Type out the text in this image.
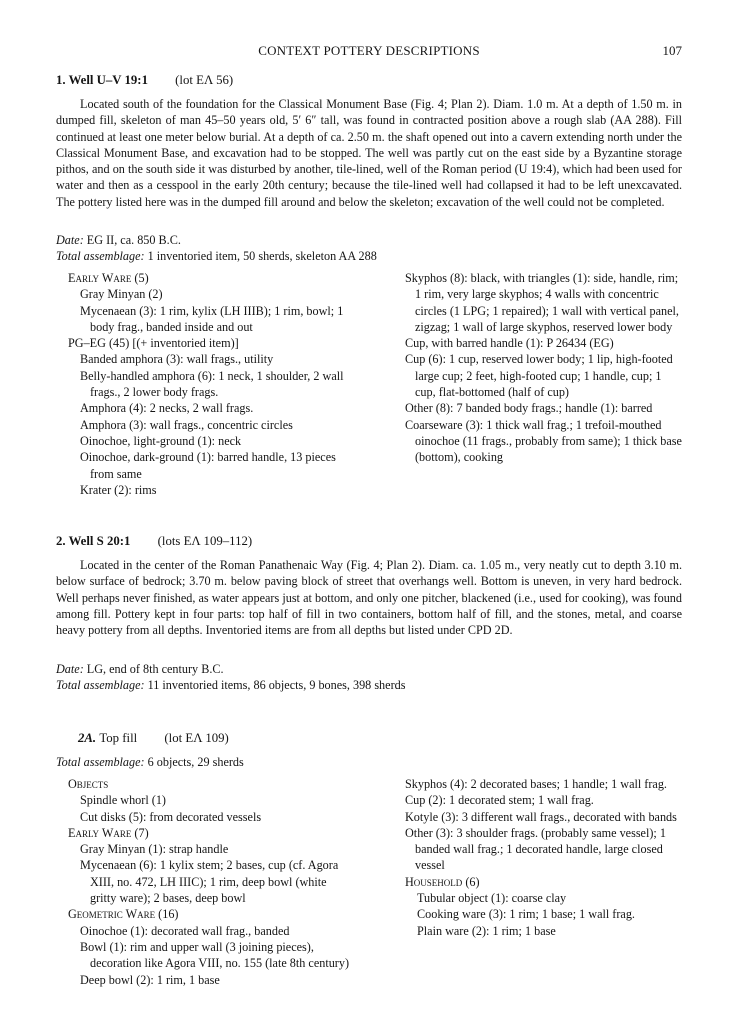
CONTEXT POTTERY DESCRIPTIONS	107
1. Well U–V 19:1 (lot EΛ 56)

Located south of the foundation for the Classical Monument Base (Fig. 4; Plan 2). Diam. 1.0 m. At a depth of 1.50 m. in dumped fill, skeleton of man 45–50 years old, 5′ 6″ tall, was found in contracted position above a rough slab (AA 288). Fill continued at least one meter below burial. At a depth of ca. 2.50 m. the shaft opened out into a cavern extending north under the Classical Monument Base, and excavation had to be stopped. The well was partly cut on the east side by a Byzantine storage pithos, and on the south side it was disturbed by another, tile-lined, well of the Roman period (U 19:4), which had been used for water and then as a cesspool in the early 20th century; because the tile-lined well had collapsed it had to be left unexcavated. The pottery listed here was in the dumped fill around and below the skeleton; excavation of the well could not be completed.

Date: EG II, ca. 850 B.C.

Total assemblage: 1 inventoried item, 50 sherds, skeleton AA 288

Early Ware (5)

Gray Minyan (2)

Mycenaean (3): 1 rim, kylix (LH IIIB); 1 rim, bowl; 1 body frag., banded inside and out

PG–EG (45) [(+ inventoried item)]

Banded amphora (3): wall frags., utility

Belly-handled amphora (6): 1 neck, 1 shoulder, 2 wall frags., 2 lower body frags.

Amphora (4): 2 necks, 2 wall frags.

Amphora (3): wall frags., concentric circles

Oinochoe, light-ground (1): neck

Oinochoe, dark-ground (1): barred handle, 13 pieces from same

Krater (2): rims

Skyphos (8): black, with triangles (1): side, handle, rim; 1 rim, very large skyphos; 4 walls with concentric circles (1 LPG; 1 repaired); 1 wall with vertical panel, zigzag; 1 wall of large skyphos, reserved lower body

Cup, with barred handle (1): P 26434 (EG)

Cup (6): 1 cup, reserved lower body; 1 lip, high-footed large cup; 2 feet, high-footed cup; 1 handle, cup; 1 cup, flat-bottomed (half of cup)

Other (8): 7 banded body frags.; handle (1): barred

Coarseware (3): 1 thick wall frag.; 1 trefoil-mouthed oinochoe (11 frags., probably from same); 1 thick base (bottom), cooking

2. Well S 20:1 (lots EΛ 109–112)

Located in the center of the Roman Panathenaic Way (Fig. 4; Plan 2). Diam. ca. 1.05 m., very neatly cut to depth 3.10 m. below surface of bedrock; 3.70 m. below paving block of street that overhangs well. Bottom is uneven, in very hard bedrock. Well perhaps never finished, as water appears just at bottom, and only one pitcher, blackened (i.e., used for cooking), was found among fill. Pottery kept in four parts: top half of fill in two containers, bottom half of fill, and the stones, metal, and coarse heavy pottery from all depths. Inventoried items are from all depths but listed under CPD 2D.

Date: LG, end of 8th century B.C.

Total assemblage: 11 inventoried items, 86 objects, 9 bones, 398 sherds

2A. Top fill (lot EΛ 109)

Total assemblage: 6 objects, 29 sherds

Objects

Spindle whorl (1)

Cut disks (5): from decorated vessels

Early Ware (7)

Gray Minyan (1): strap handle

Mycenaean (6): 1 kylix stem; 2 bases, cup (cf. Agora XIII, no. 472, LH IIIC); 1 rim, deep bowl (white gritty ware); 2 bases, deep bowl

Geometric Ware (16)

Oinochoe (1): decorated wall frag., banded

Bowl (1): rim and upper wall (3 joining pieces), decoration like Agora VIII, no. 155 (late 8th century)

Deep bowl (2): 1 rim, 1 base

Skyphos (4): 2 decorated bases; 1 handle; 1 wall frag.

Cup (2): 1 decorated stem; 1 wall frag.

Kotyle (3): 3 different wall frags., decorated with bands

Other (3): 3 shoulder frags. (probably same vessel); 1 banded wall frag.; 1 decorated handle, large closed vessel

Household (6)

Tubular object (1): coarse clay

Cooking ware (3): 1 rim; 1 base; 1 wall frag.

Plain ware (2): 1 rim; 1 base
